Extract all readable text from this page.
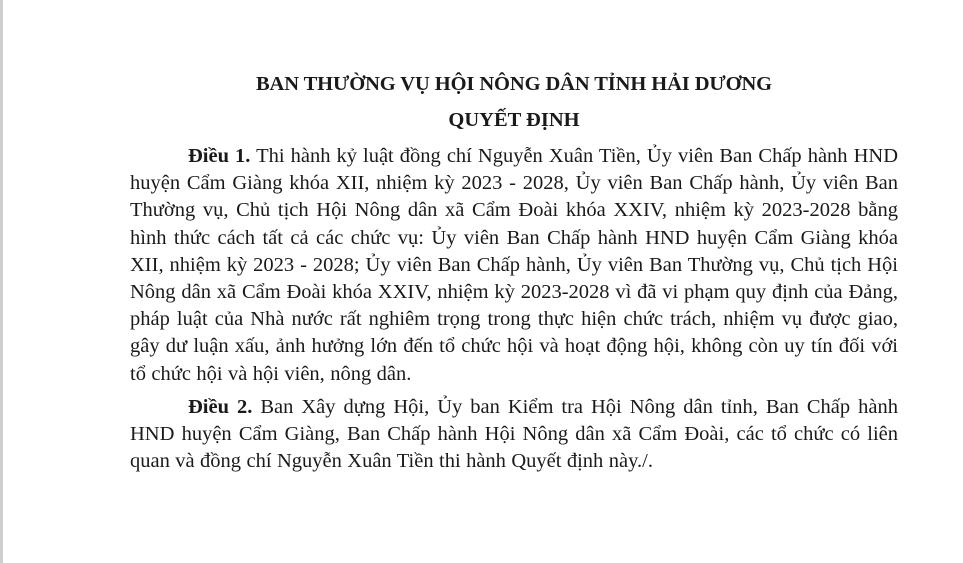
BAN THƯỜNG VỤ HỘI NÔNG DÂN TỈNH HẢI DƯƠNG
QUYẾT ĐỊNH

Điều 1. Thi hành kỷ luật đồng chí Nguyễn Xuân Tiền, Ủy viên Ban Chấp hành HND huyện Cẩm Giàng khóa XII, nhiệm kỳ 2023 - 2028, Ủy viên Ban Chấp hành, Ủy viên Ban Thường vụ, Chủ tịch Hội Nông dân xã Cẩm Đoài khóa XXIV, nhiệm kỳ 2023-2028 bằng hình thức cách tất cả các chức vụ: Ủy viên Ban Chấp hành HND huyện Cẩm Giàng khóa XII, nhiệm kỳ 2023 - 2028; Ủy viên Ban Chấp hành, Ủy viên Ban Thường vụ, Chủ tịch Hội Nông dân xã Cẩm Đoài khóa XXIV, nhiệm kỳ 2023-2028 vì đã vi phạm quy định của Đảng, pháp luật của Nhà nước rất nghiêm trọng trong thực hiện chức trách, nhiệm vụ được giao, gây dư luận xấu, ảnh hưởng lớn đến tổ chức hội và hoạt động hội, không còn uy tín đối với tổ chức hội và hội viên, nông dân.

Điều 2. Ban Xây dựng Hội, Ủy ban Kiểm tra Hội Nông dân tỉnh, Ban Chấp hành HND huyện Cẩm Giàng, Ban Chấp hành Hội Nông dân xã Cẩm Đoài, các tổ chức có liên quan và đồng chí Nguyễn Xuân Tiền thi hành Quyết định này./.
